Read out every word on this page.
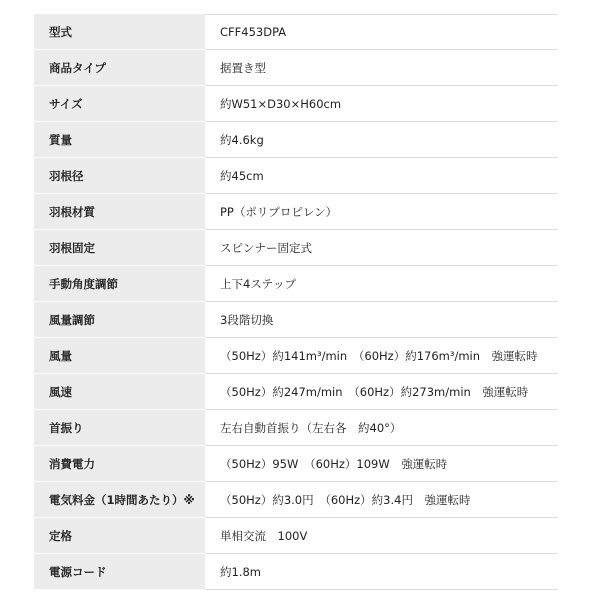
型式	CFF453DPA
商品タイプ	据置き型
サイズ	約W51×D30×H60cm
質量	約4.6kg
羽根径	約45cm
羽根材質	PP（ポリプロピレン）
羽根固定	スピンナー固定式
手動角度調節	上下4ステップ
風量調節	3段階切換
風量	（50Hz）約141m³/min　（60Hz）約176m³/min　強運転時
風速	（50Hz）約247m/min　（60Hz）約273m/min　強運転時
首振り	左右自動首振り（左右各　約40°）
消費電力	（50Hz）95W　（60Hz）109W　強運転時
電気料金（1時間あたり）※	（50Hz）約3.0円　（60Hz）約3.4円　強運転時
定格	単相交流　100V
電源コード	約1.8m
